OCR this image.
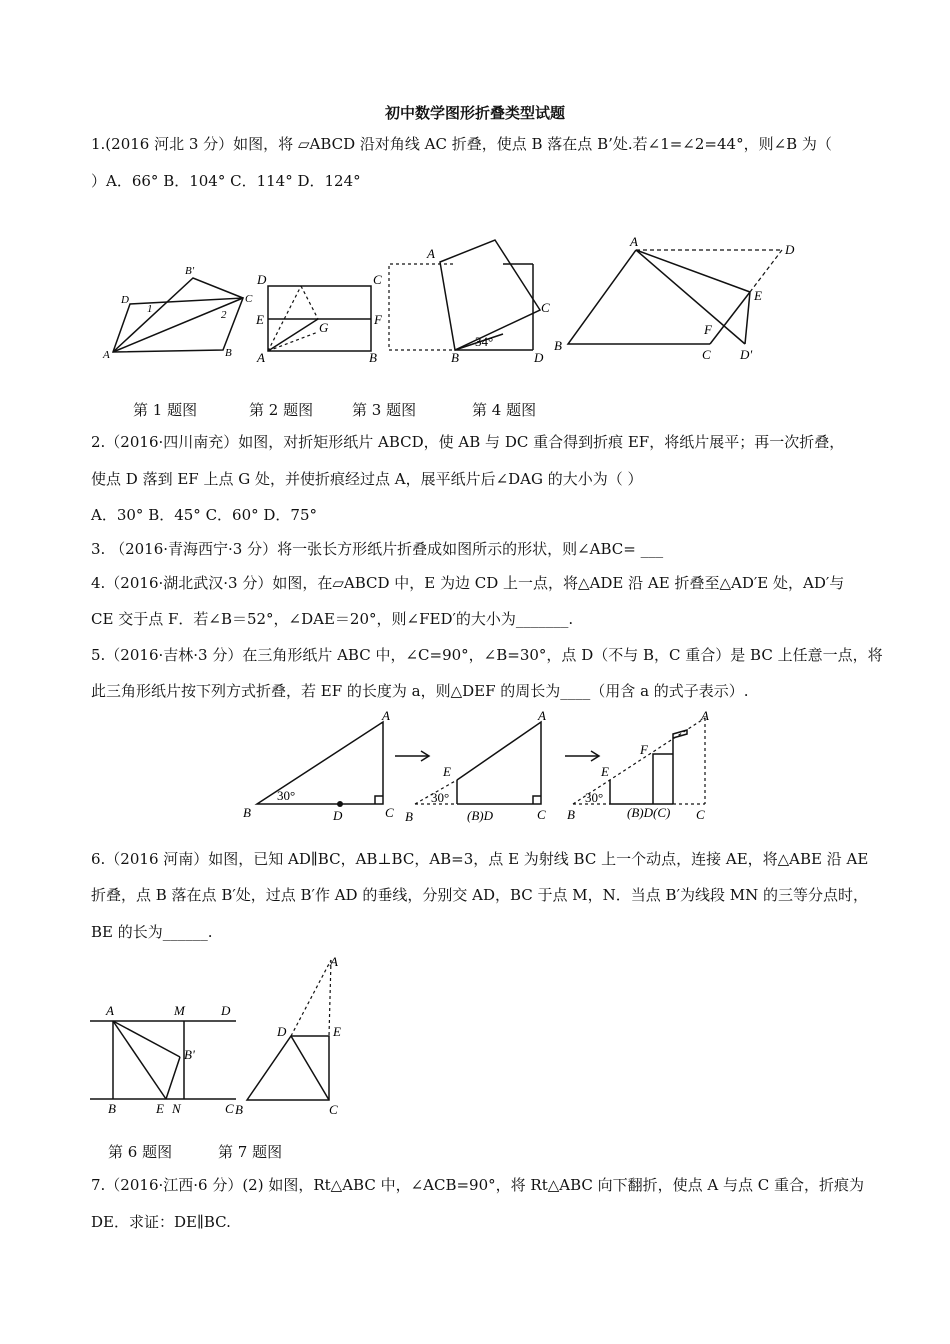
初中数学图形折叠类型试题
1.(2016 河北 3 分）如图，将 ▱ABCD 沿对角线 AC 折叠，使点 B 落在点 B’处.若∠1=∠2=44°，则∠B 为（
）A．66° B．104° C．114° D．124°
B'
D
1
C
2
A	B
D	C
E	F
G
A	B
A
C
34°
B	D
A
D
E
F
B
C D'
第 1 题图	第 2 题图	第 3 题图	第 4 题图
2.（2016·四川南充）如图，对折矩形纸片 ABCD，使 AB 与 DC 重合得到折痕 EF，将纸片展平；再一次折叠，
使点 D 落到 EF 上点 G 处，并使折痕经过点 A，展平纸片后∠DAG 的大小为（ ）
A．30° B．45° C．60° D．75°
3. （2016·青海西宁·3 分）将一张长方形纸片折叠成如图所示的形状，则∠ABC= ___
4.（2016·湖北武汉·3 分）如图，在▱ABCD 中，E 为边 CD 上一点，将△ADE 沿 AE 折叠至△AD′E 处，AD′与
CE 交于点 F．若∠B＝52°，∠DAE＝20°，则∠FED′的大小为_______.
5.（2016·吉林·3 分）在三角形纸片 ABC 中，∠C=90°，∠B=30°，点 D（不与 B，C 重合）是 BC 上任意一点，将
此三角形纸片按下列方式折叠，若 EF 的长度为 a，则△DEF 的周长为____（用含 a 的式子表示）.
A
B
30°
D	C
A
E
30°
B	(B)D	C
A
F
E
30°
B	(B)D(C) C
6.（2016 河南）如图，已知 AD∥BC，AB⊥BC，AB=3，点 E 为射线 BC 上一个动点，连接 AE，将△ABE 沿 AE
折叠，点 B 落在点 B′处，过点 B′作 AD 的垂线，分别交 AD，BC 于点 M，N．当点 B′为线段 MN 的三等分点时，
BE 的长为______.
A	M	D
B'
B	E N	C
A
D	E
B	C
第 6 题图	第 7 题图
7.（2016·江西·6 分）(2) 如图，Rt△ABC 中，∠ACB=90°，将 Rt△ABC 向下翻折，使点 A 与点 C 重合，折痕为
DE．求证：DE∥BC.
